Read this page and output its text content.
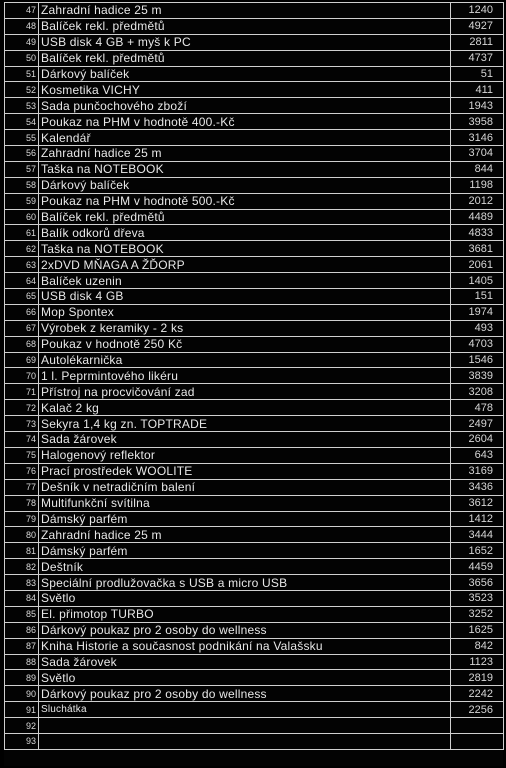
47	Zahradní hadice 25 m	1240
48	Balíček rekl. předmětů	4927
49	USB disk 4 GB + myš k PC	2811
50	Balíček rekl. předmětů	4737
51	Dárkový balíček	51
52	Kosmetika VICHY	411
53	Sada punčochového zboží	1943
54	Poukaz na PHM v hodnotě 400.-Kč	3958
55	Kalendář	3146
56	Zahradní hadice 25 m	3704
57	Taška na NOTEBOOK	844
58	Dárkový balíček	1198
59	Poukaz na PHM v hodnotě 500.-Kč	2012
60	Balíček rekl. předmětů	4489
61	Balík odkorů dřeva	4833
62	Taška na NOTEBOOK	3681
63	2xDVD MŇAGA A ŽĎORP	2061
64	Balíček uzenin	1405
65	USB disk 4 GB	151
66	Mop Spontex	1974
67	Výrobek z keramiky - 2 ks	493
68	Poukaz v hodnotě 250 Kč	4703
69	Autolékarnička	1546
70	1 l. Peprmintového likéru	3839
71	Přístroj na procvičování zad	3208
72	Kalač 2 kg	478
73	Sekyra 1,4 kg zn. TOPTRADE	2497
74	Sada žárovek	2604
75	Halogenový reflektor	643
76	Prací prostředek WOOLITE	3169
77	Dešník v netradičním balení	3436
78	Multifunkční svítilna	3612
79	Dámský parfém	1412
80	Zahradní hadice 25 m	3444
81	Dámský parfém	1652
82	Deštník	4459
83	Speciální prodlužovačka s USB a micro USB	3656
84	Světlo	3523
85	El. přimotop TURBO	3252
86	Dárkový poukaz pro 2 osoby do wellness	1625
87	Kniha Historie a současnost podnikání na Valašsku	842
88	Sada žárovek	1123
89	Světlo	2819
90	Dárkový poukaz pro 2 osoby do wellness	2242
91	Sluchátka	2256
92		
93		
